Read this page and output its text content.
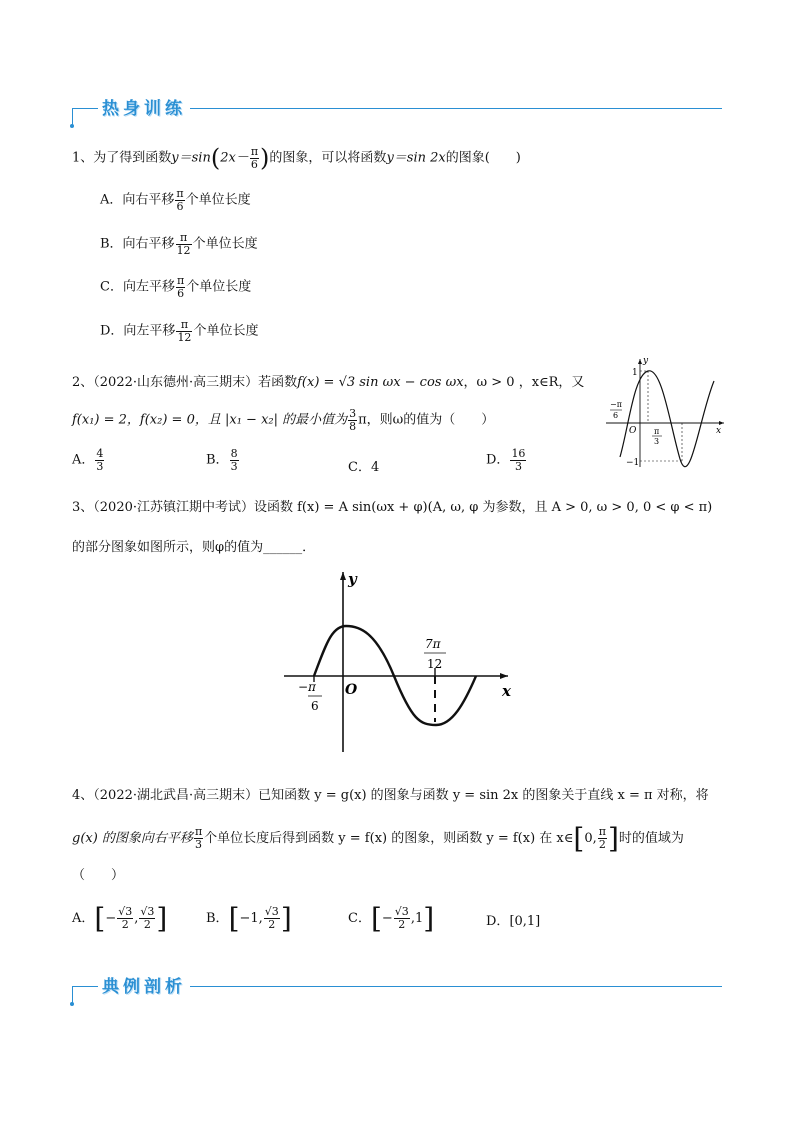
热身训练
1、为了得到函数$y=\sin(2x- \frac{\pi}{6}$ )的图象，可以将函数y＝sin 2x的图象(　　)
A．向右平移 $\frac{\pi}{6}$ 个单位长度
B．向右平移 $\frac{\pi}{12}$ 个单位长度
C．向左平移 $\frac{\pi}{6}$ 个单位长度
D．向左平移 $\frac{\pi}{12}$ 个单位长度
2、（2022·山东德州·高三期末）若函数f(x) = √3 sin ωx − cos ωx，ω > 0 ，x∈R，又
f(x₁) = 2，f(x₂) = 0，且 |x₁ − x₂| 的最小值为 $\frac{3}{8}$ π，则ω的值为（　　）
A． $\frac{4}{3}$	B． $\frac{8}{3}$	C．4	D． $\frac{16}{3}$
y
x
O
1
−1
−π
6
π
3
3、（2020·江苏镇江期中考试）设函数 f(x) = A sin(ωx + φ)(A, ω, φ 为参数，且 A > 0, ω > 0, 0 < φ < π)
的部分图象如图所示，则φ的值为______．
y
x
O
7π
12
−π
6
4、（2022·湖北武昌·高三期末）已知函数 y = g(x) 的图象与函数 y = sin 2x 的图象关于直线 x = π 对称，将
g(x) 的图象向右平移 $\frac{\pi}{3}$ 个单位长度后得到函数 y = f(x) 的图象，则函数 y = f(x) 在 x∈[0, $\frac{\pi}{2}$ ]时的值域为
（　　）
A．[− $\frac{√3}{2}$ , $\frac{√3}{2}$ ]	B．[−1, $\frac{√3}{2}$ ]	C．[− $\frac{√3}{2} ,1$]	D．[0,1]
典例剖析
